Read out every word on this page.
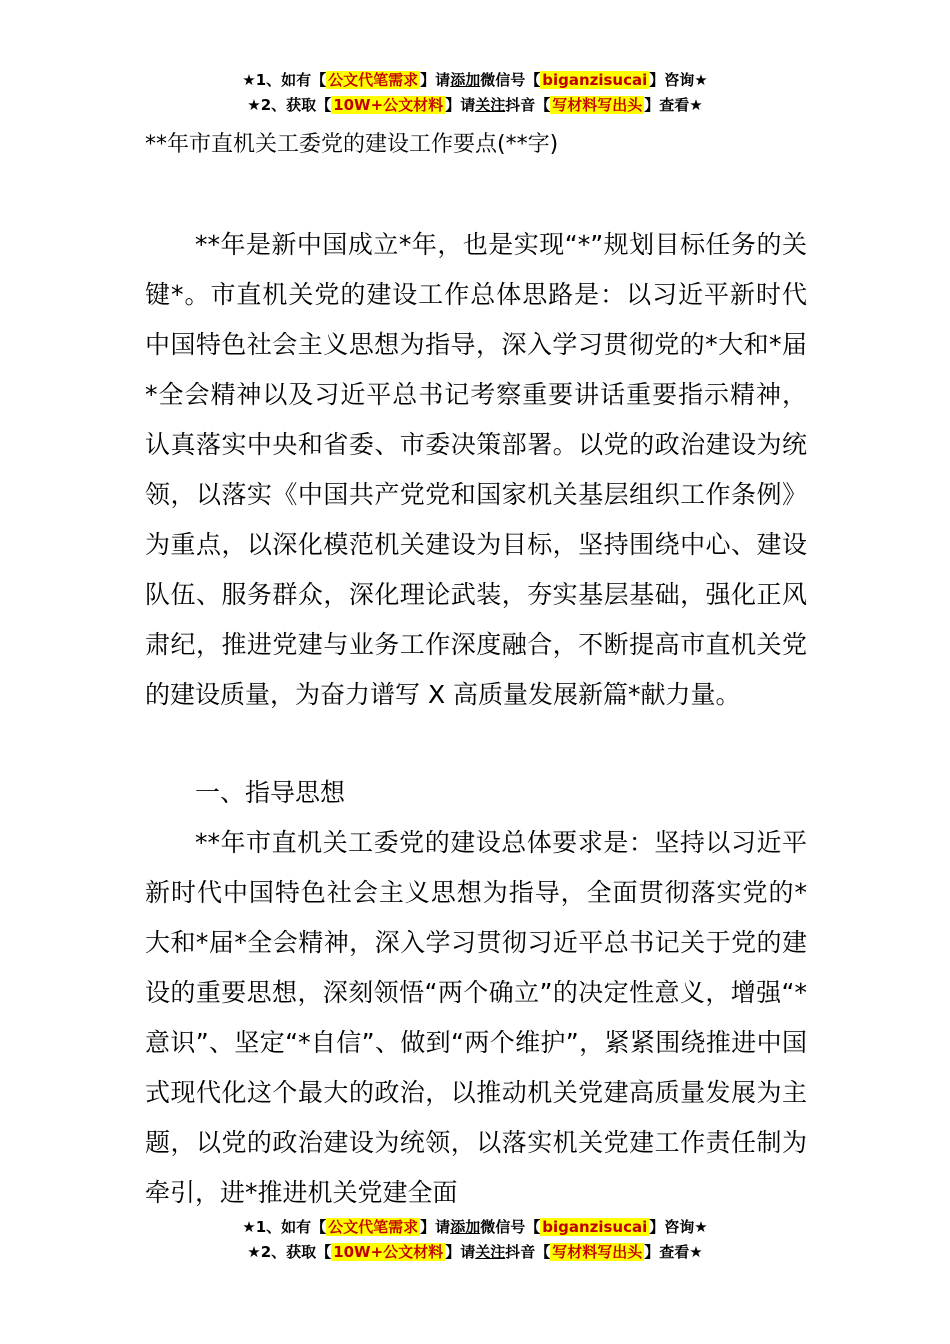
★1、如有【 公文代笔需求 】请添加微信号【 biganzisucai 】咨询★
★2、获取【 10W+公文材料 】请关注抖音【 写材料写出头 】查看★
**年市直机关工委党的建设工作要点(**字)

**年是新中国成立*年，也是实现“*”规划目标任务的关键*。市直机关党的建设工作总体思路是：以习近平新时代中国特色社会主义思想为指导，深入学习贯彻党的*大和*届*全会精神以及习近平总书记考察重要讲话重要指示精神，认真落实中央和省委、市委决策部署。以党的政治建设为统领，以落实《中国共产党党和国家机关基层组织工作条例》为重点，以深化模范机关建设为目标，坚持围绕中心、建设队伍、服务群众，深化理论武装，夯实基层基础，强化正风肃纪，推进党建与业务工作深度融合，不断提高市直机关党的建设质量，为奋力谱写 X 高质量发展新篇*献力量。

一、指导思想

**年市直机关工委党的建设总体要求是：坚持以习近平新时代中国特色社会主义思想为指导，全面贯彻落实党的*大和*届*全会精神，深入学习贯彻习近平总书记关于党的建设的重要思想，深刻领悟“两个确立”的决定性意义，增强“*意识”、坚定“*自信”、做到“两个维护”，紧紧围绕推进中国式现代化这个最大的政治，以推动机关党建高质量发展为主题，以党的政治建设为统领，以落实机关党建工作责任制为牵引，进*推进机关党建全面

★1、如有【 公文代笔需求 】请添加微信号【 biganzisucai 】咨询★
★2、获取【 10W+公文材料 】请关注抖音【 写材料写出头 】查看★
